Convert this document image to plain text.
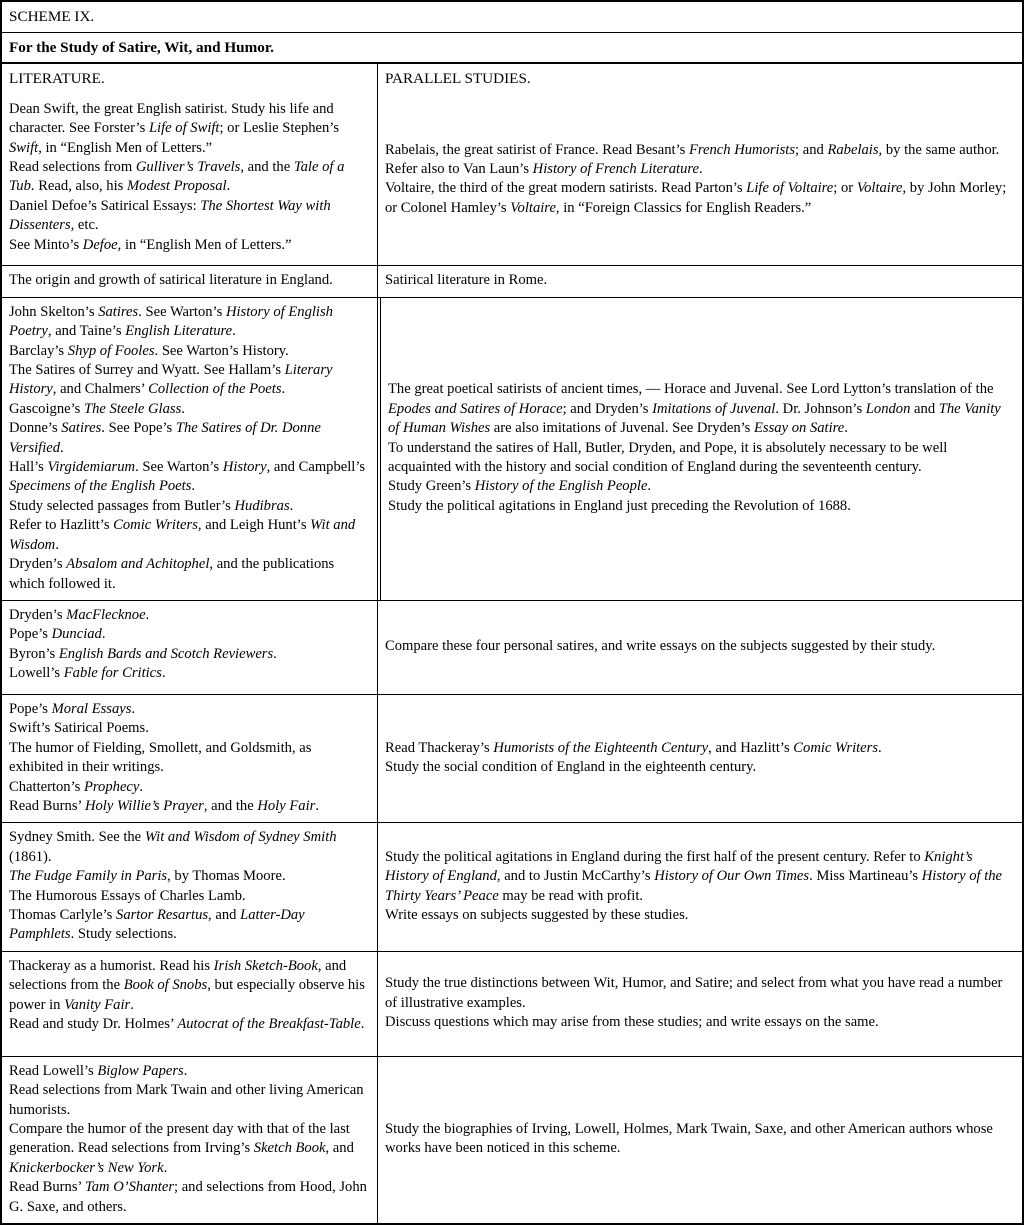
SCHEME IX.
For the Study of Satire, Wit, and Humor.
LITERATURE.	PARALLEL STUDIES.
Dean Swift, the great English satirist. Study his life and character. See Forster’s Life of Swift; or Leslie Stephen’s Swift, in “English Men of Letters.”
Read selections from Gulliver’s Travels, and the Tale of a Tub. Read, also, his Modest Proposal.
Daniel Defoe’s Satirical Essays: The Shortest Way with Dissenters, etc.
See Minto’s Defoe, in “English Men of Letters.”
Rabelais, the great satirist of France. Read Besant’s French Humorists; and Rabelais, by the same author. Refer also to Van Laun’s History of French Literature.
Voltaire, the third of the great modern satirists. Read Parton’s Life of Voltaire; or Voltaire, by John Morley; or Colonel Hamley’s Voltaire, in “Foreign Classics for English Readers.”
The origin and growth of satirical literature in England.	Satirical literature in Rome.
John Skelton’s Satires. See Warton’s History of English Poetry, and Taine’s English Literature.
Barclay’s Shyp of Fooles. See Warton’s History.
The Satires of Surrey and Wyatt. See Hallam’s Literary History, and Chalmers’ Collection of the Poets.
Gascoigne’s The Steele Glass.
Donne’s Satires. See Pope’s The Satires of Dr. Donne Versified.
Hall’s Virgidemiarum. See Warton’s History, and Campbell’s Specimens of the English Poets.
Study selected passages from Butler’s Hudibras.
Refer to Hazlitt’s Comic Writers, and Leigh Hunt’s Wit and Wisdom.
Dryden’s Absalom and Achitophel, and the publications which followed it.
The great poetical satirists of ancient times, — Horace and Juvenal. See Lord Lytton’s translation of the Epodes and Satires of Horace; and Dryden’s Imitations of Juvenal. Dr. Johnson’s London and The Vanity of Human Wishes are also imitations of Juvenal. See Dryden’s Essay on Satire.
To understand the satires of Hall, Butler, Dryden, and Pope, it is absolutely necessary to be well acquainted with the history and social condition of England during the seventeenth century.
Study Green’s History of the English People.
Study the political agitations in England just preceding the Revolution of 1688.
Dryden’s MacFlecknoe.
Pope’s Dunciad.
Byron’s English Bards and Scotch Reviewers.
Lowell’s Fable for Critics.
Compare these four personal satires, and write essays on the subjects suggested by their study.
Pope’s Moral Essays.
Swift’s Satirical Poems.
The humor of Fielding, Smollett, and Goldsmith, as exhibited in their writings.
Chatterton’s Prophecy.
Read Burns’ Holy Willie’s Prayer, and the Holy Fair.
Read Thackeray’s Humorists of the Eighteenth Century, and Hazlitt’s Comic Writers.
Study the social condition of England in the eighteenth century.
Sydney Smith. See the Wit and Wisdom of Sydney Smith (1861).
The Fudge Family in Paris, by Thomas Moore.
The Humorous Essays of Charles Lamb.
Thomas Carlyle’s Sartor Resartus, and Latter-Day Pamphlets. Study selections.
Study the political agitations in England during the first half of the present century. Refer to Knight’s History of England, and to Justin McCarthy’s History of Our Own Times. Miss Martineau’s History of the Thirty Years’ Peace may be read with profit.
Write essays on subjects suggested by these studies.
Thackeray as a humorist. Read his Irish Sketch-Book, and selections from the Book of Snobs, but especially observe his power in Vanity Fair.
Read and study Dr. Holmes’ Autocrat of the Breakfast-Table.
Study the true distinctions between Wit, Humor, and Satire; and select from what you have read a number of illustrative examples.
Discuss questions which may arise from these studies; and write essays on the same.
Read Lowell’s Biglow Papers.
Read selections from Mark Twain and other living American humorists.
Compare the humor of the present day with that of the last generation. Read selections from Irving’s Sketch Book, and Knickerbocker’s New York.
Read Burns’ Tam O’Shanter; and selections from Hood, John G. Saxe, and others.
Study the biographies of Irving, Lowell, Holmes, Mark Twain, Saxe, and other American authors whose works have been noticed in this scheme.
